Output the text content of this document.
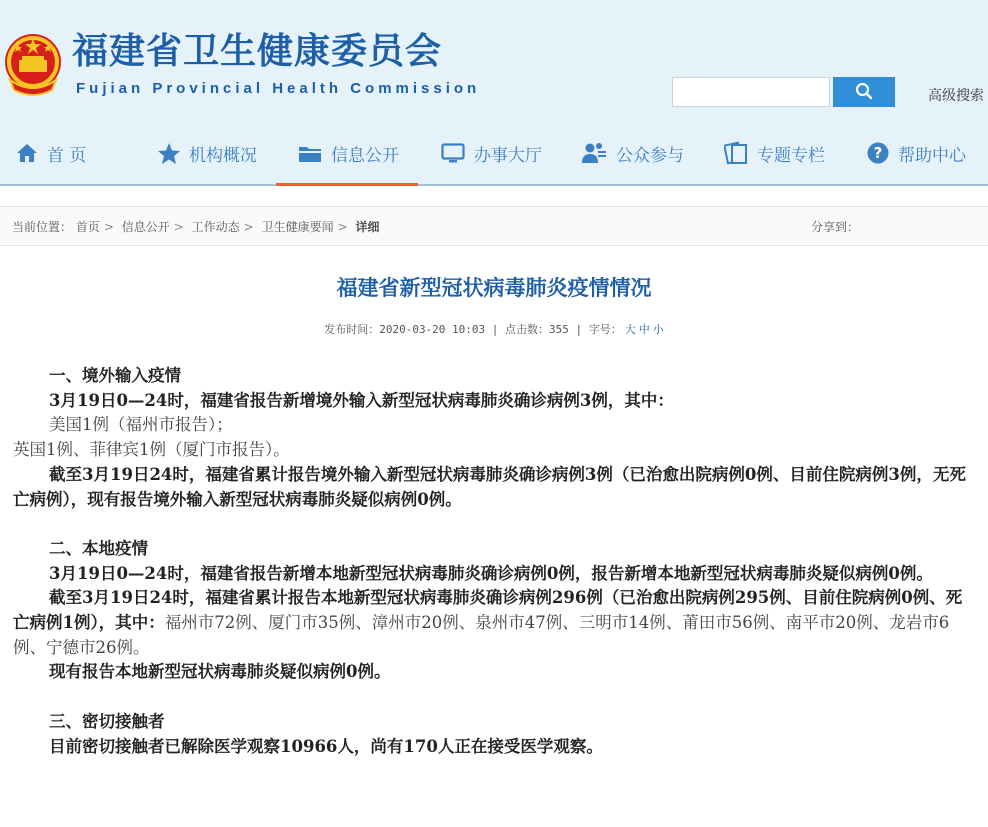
福建省卫生健康委员会
Fujian Provincial Health Commission	高级搜索
首 页	机构概况	信息公开	办事大厅	公众参与	专题专栏	? 帮助中心
当前位置： 首页 > 信息公开 > 工作动态 > 卫生健康要闻 > 详细	分享到：
福建省新型冠状病毒肺炎疫情情况
发布时间：2020-03-20 10:03 | 点击数：355 | 字号： 大 中 小

一、境外输入疫情

3月19日0—24时，福建省报告新增境外输入新型冠状病毒肺炎确诊病例3例，其中：

美国1例（福州市报告）；

英国1例、菲律宾1例（厦门市报告）。

截至3月19日24时，福建省累计报告境外输入新型冠状病毒肺炎确诊病例3例（已治愈出院病例0例、目前住院病例3例，无死亡病例），现有报告境外输入新型冠状病毒肺炎疑似病例0例。

二、本地疫情

3月19日0—24时，福建省报告新增本地新型冠状病毒肺炎确诊病例0例，报告新增本地新型冠状病毒肺炎疑似病例0例。

截至3月19日24时，福建省累计报告本地新型冠状病毒肺炎确诊病例296例（已治愈出院病例295例、目前住院病例0例、死亡病例1例），其中：福州市72例、厦门市35例、漳州市20例、泉州市47例、三明市14例、莆田市56例、南平市20例、龙岩市6例、宁德市26例。

现有报告本地新型冠状病毒肺炎疑似病例0例。

三、密切接触者

目前密切接触者已解除医学观察10966人，尚有170人正在接受医学观察。
